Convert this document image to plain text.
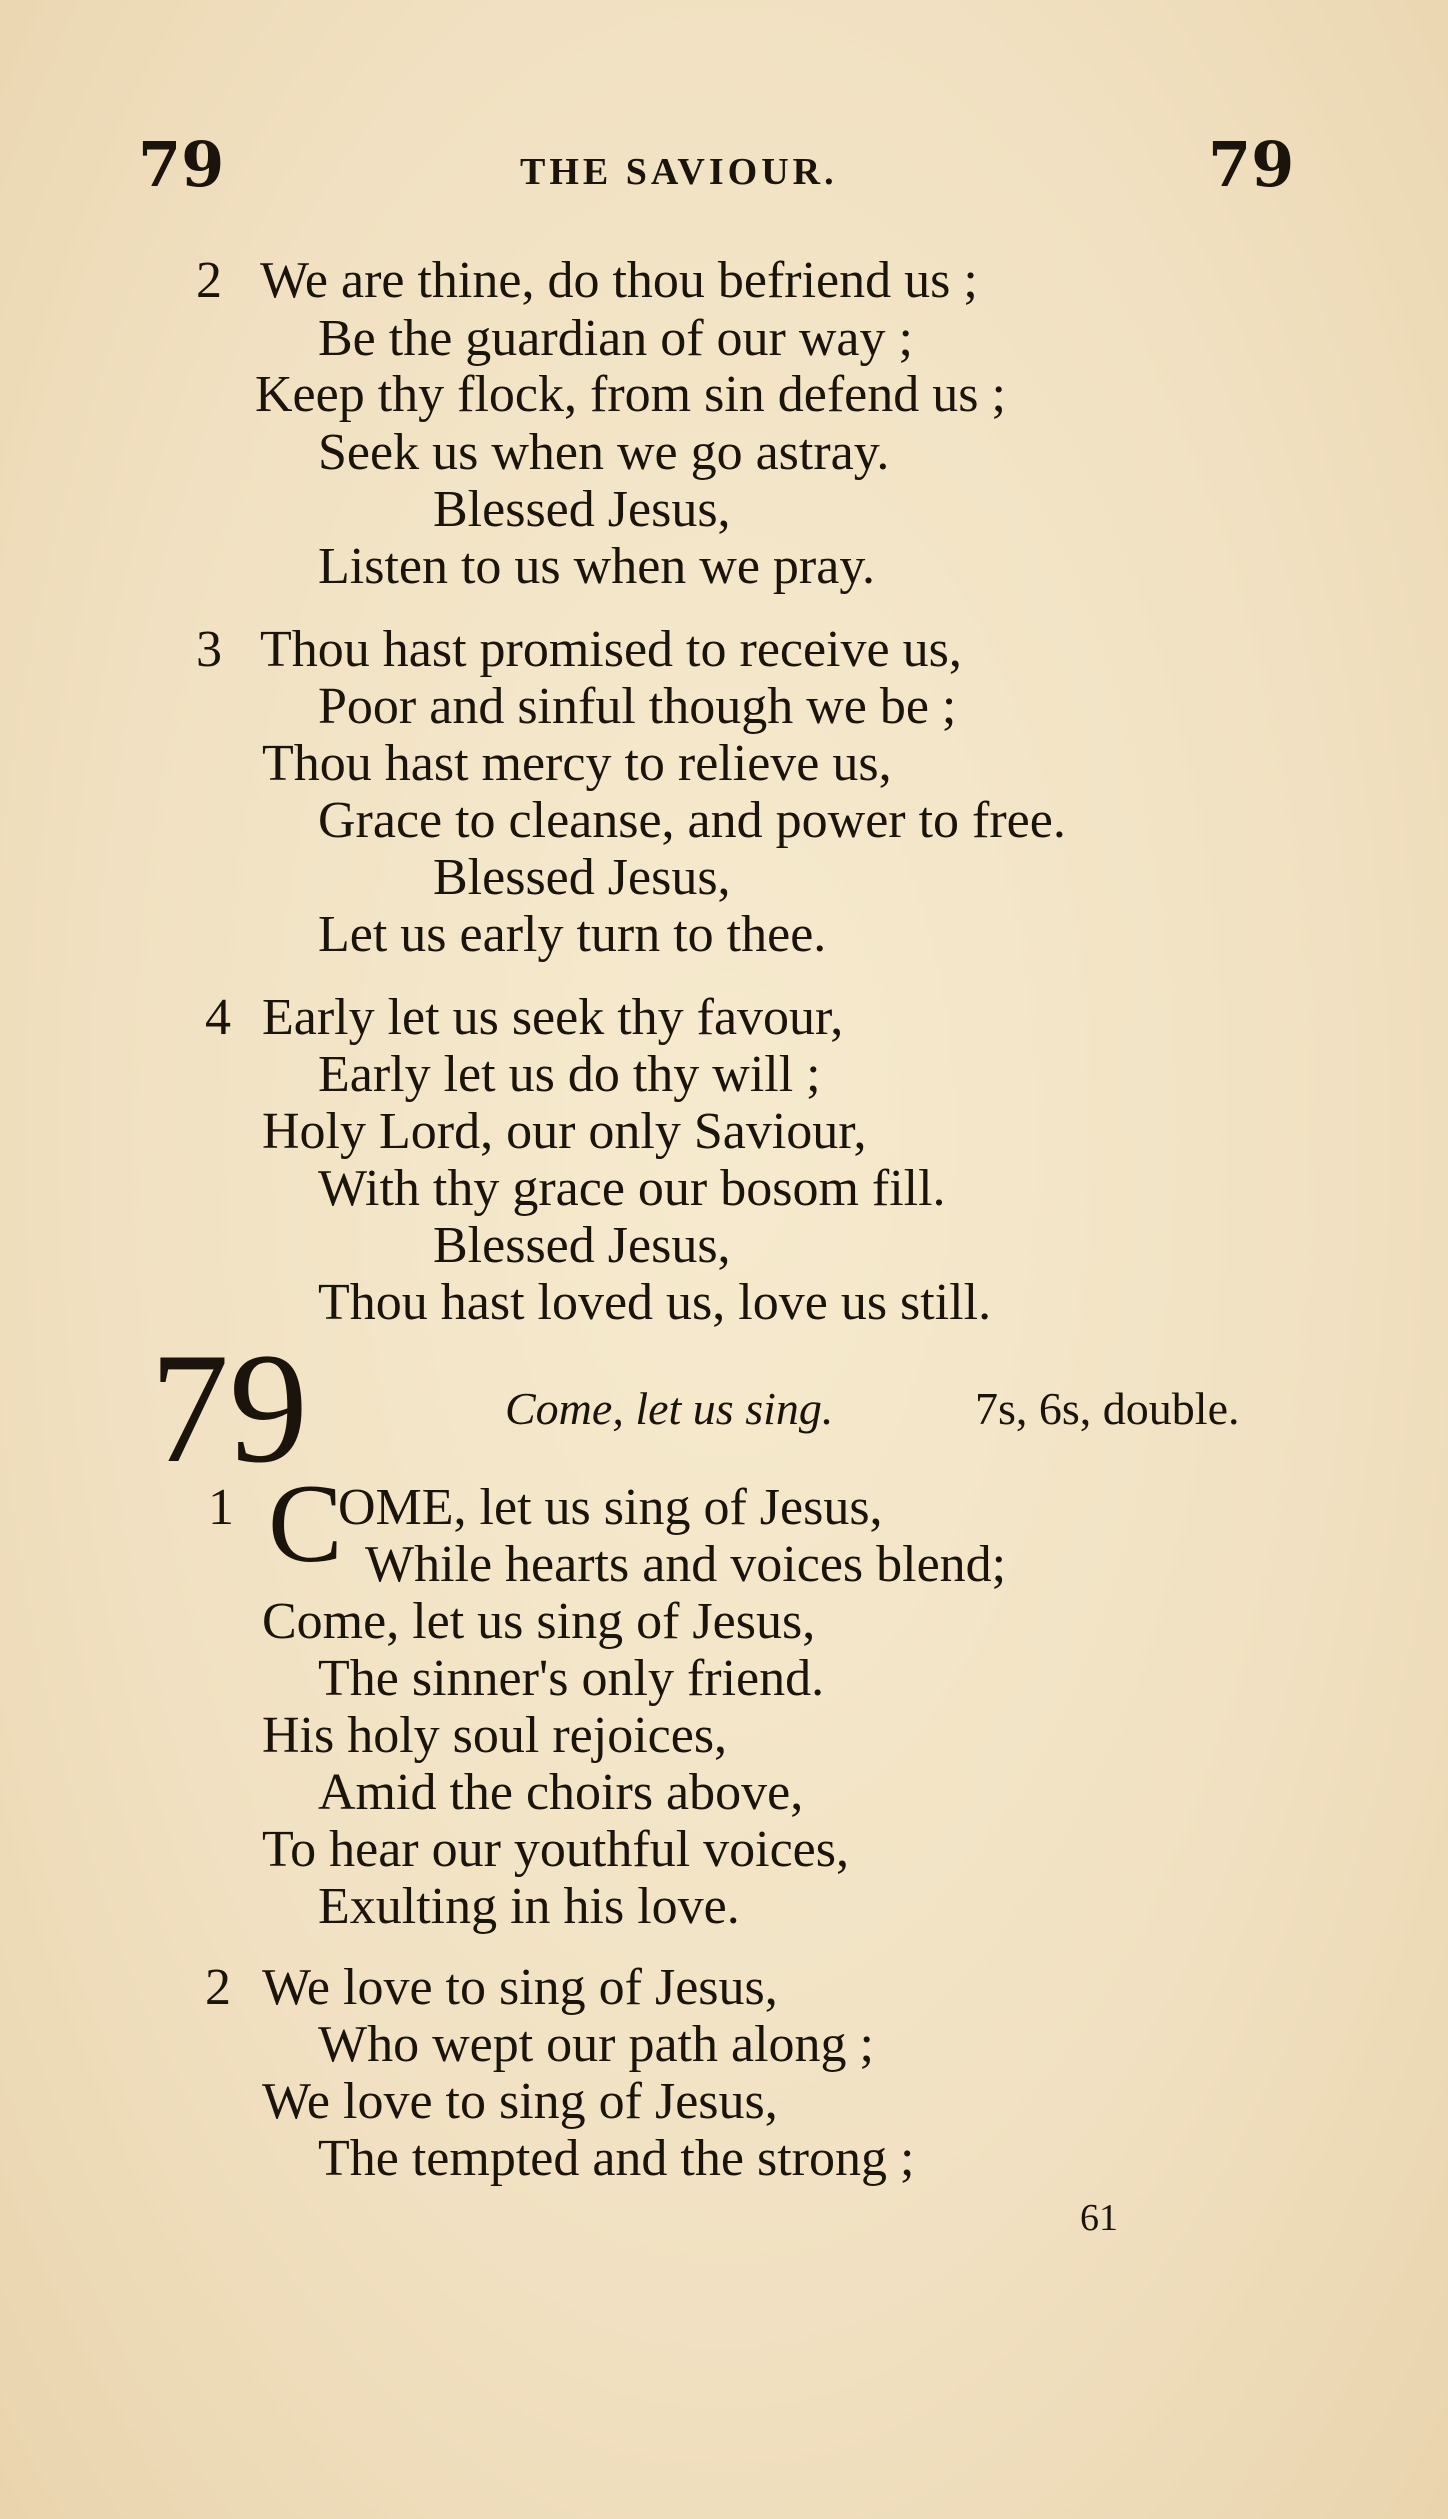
79	THE SAVIOUR.	79
2 We are thine, do thou befriend us ;
Be the guardian of our way ;
Keep thy flock, from sin defend us ;
Seek us when we go astray.
Blessed Jesus,
Listen to us when we pray.
3 Thou hast promised to receive us,
Poor and sinful though we be ;
Thou hast mercy to relieve us,
Grace to cleanse, and power to free.
Blessed Jesus,
Let us early turn to thee.
4 Early let us seek thy favour,
Early let us do thy will ;
Holy Lord, our only Saviour,
With thy grace our bosom fill.
Blessed Jesus,
Thou hast loved us, love us still.
79	Come, let us sing.	7s, 6s, double.
1 C
OME, let us sing of Jesus,
While hearts and voices blend;
Come, let us sing of Jesus,
The sinner's only friend.
His holy soul rejoices,
Amid the choirs above,
To hear our youthful voices,
Exulting in his love.
2 We love to sing of Jesus,
Who wept our path along ;
We love to sing of Jesus,
The tempted and the strong ;
61
